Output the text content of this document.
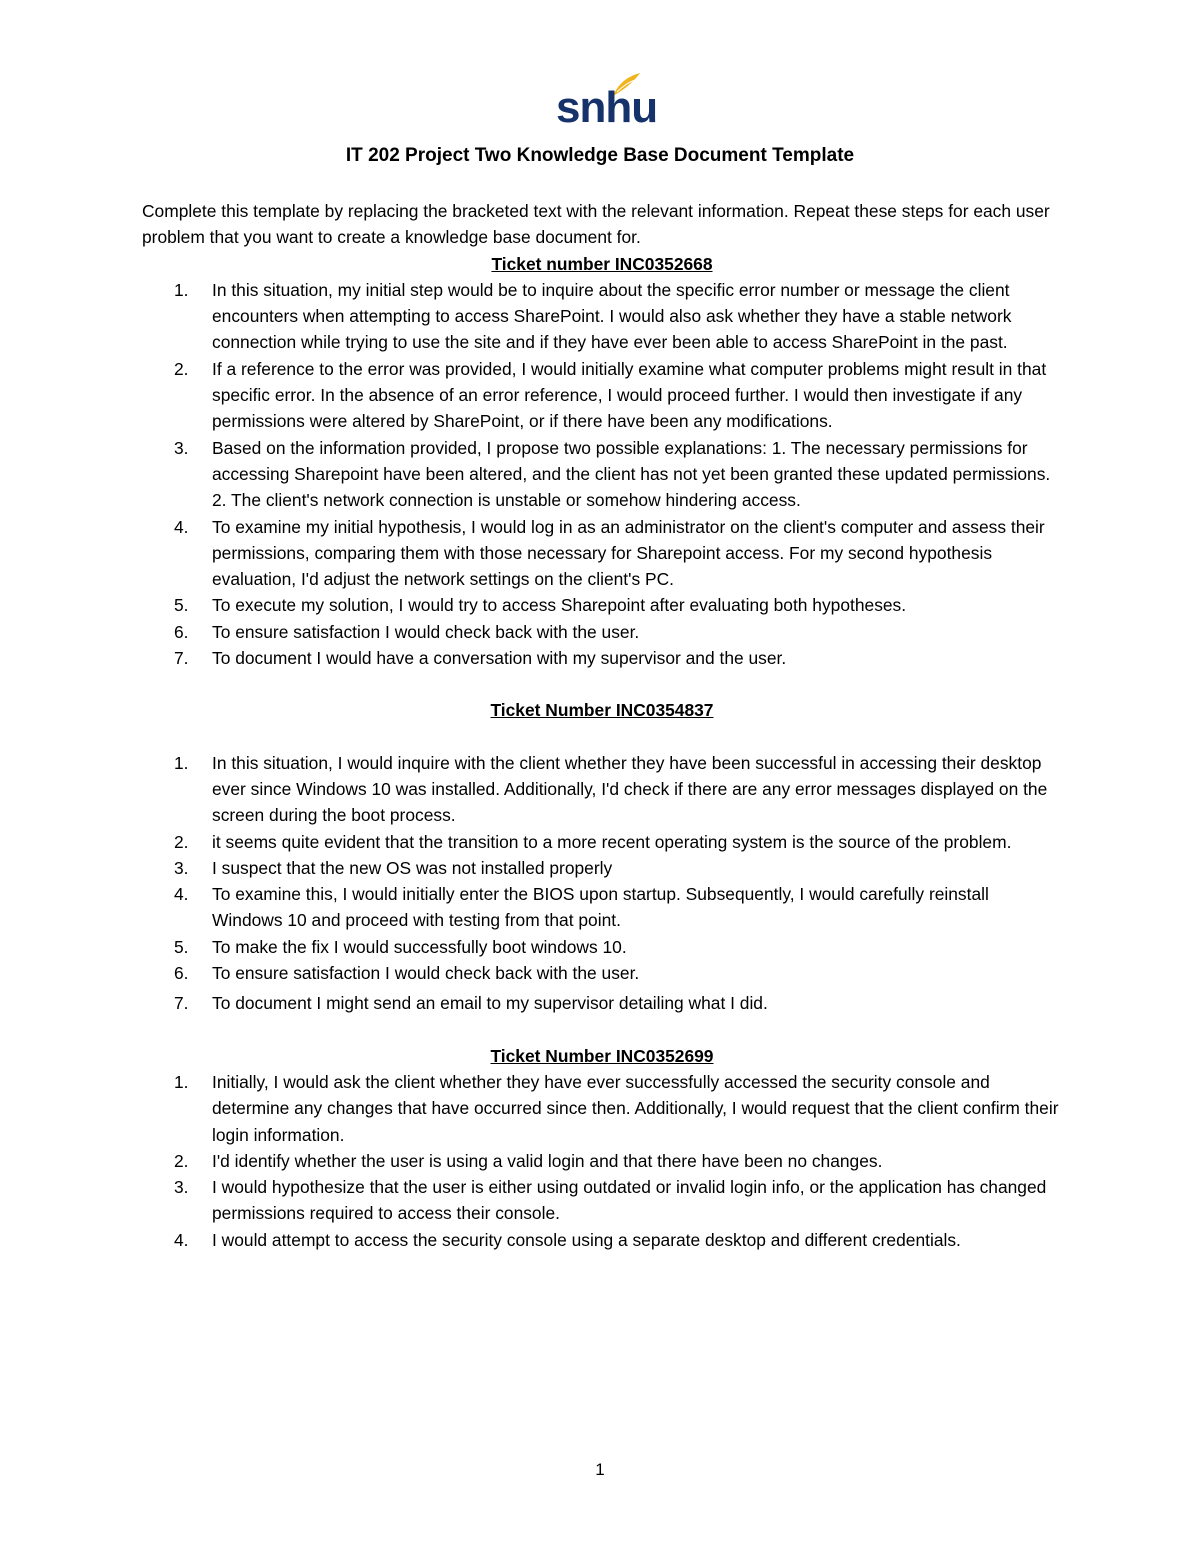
snhu
IT 202 Project Two Knowledge Base Document Template

Complete this template by replacing the bracketed text with the relevant information. Repeat these steps for each user problem that you want to create a knowledge base document for.

Ticket number INC0352668

1. In this situation, my initial step would be to inquire about the specific error number or message the client encounters when attempting to access SharePoint. I would also ask whether they have a stable network connection while trying to use the site and if they have ever been able to access SharePoint in the past.
2. If a reference to the error was provided, I would initially examine what computer problems might result in that specific error. In the absence of an error reference, I would proceed further. I would then investigate if any permissions were altered by SharePoint, or if there have been any modifications.
3. Based on the information provided, I propose two possible explanations: 1. The necessary permissions for accessing Sharepoint have been altered, and the client has not yet been granted these updated permissions. 2. The client's network connection is unstable or somehow hindering access.
4. To examine my initial hypothesis, I would log in as an administrator on the client's computer and assess their permissions, comparing them with those necessary for Sharepoint access. For my second hypothesis evaluation, I'd adjust the network settings on the client's PC.
5. To execute my solution, I would try to access Sharepoint after evaluating both hypotheses.
6. To ensure satisfaction I would check back with the user.
7. To document I would have a conversation with my supervisor and the user.

Ticket Number INC0354837

1. In this situation, I would inquire with the client whether they have been successful in accessing their desktop ever since Windows 10 was installed. Additionally, I'd check if there are any error messages displayed on the screen during the boot process.
2. it seems quite evident that the transition to a more recent operating system is the source of the problem.
3. I suspect that the new OS was not installed properly
4. To examine this, I would initially enter the BIOS upon startup. Subsequently, I would carefully reinstall Windows 10 and proceed with testing from that point.
5. To make the fix I would successfully boot windows 10.
6. To ensure satisfaction I would check back with the user.
7. To document I might send an email to my supervisor detailing what I did.

Ticket Number INC0352699

1. Initially, I would ask the client whether they have ever successfully accessed the security console and determine any changes that have occurred since then. Additionally, I would request that the client confirm their login information.
2. I'd identify whether the user is using a valid login and that there have been no changes.
3. I would hypothesize that the user is either using outdated or invalid login info, or the application has changed permissions required to access their console.
4. I would attempt to access the security console using a separate desktop and different credentials.
1
